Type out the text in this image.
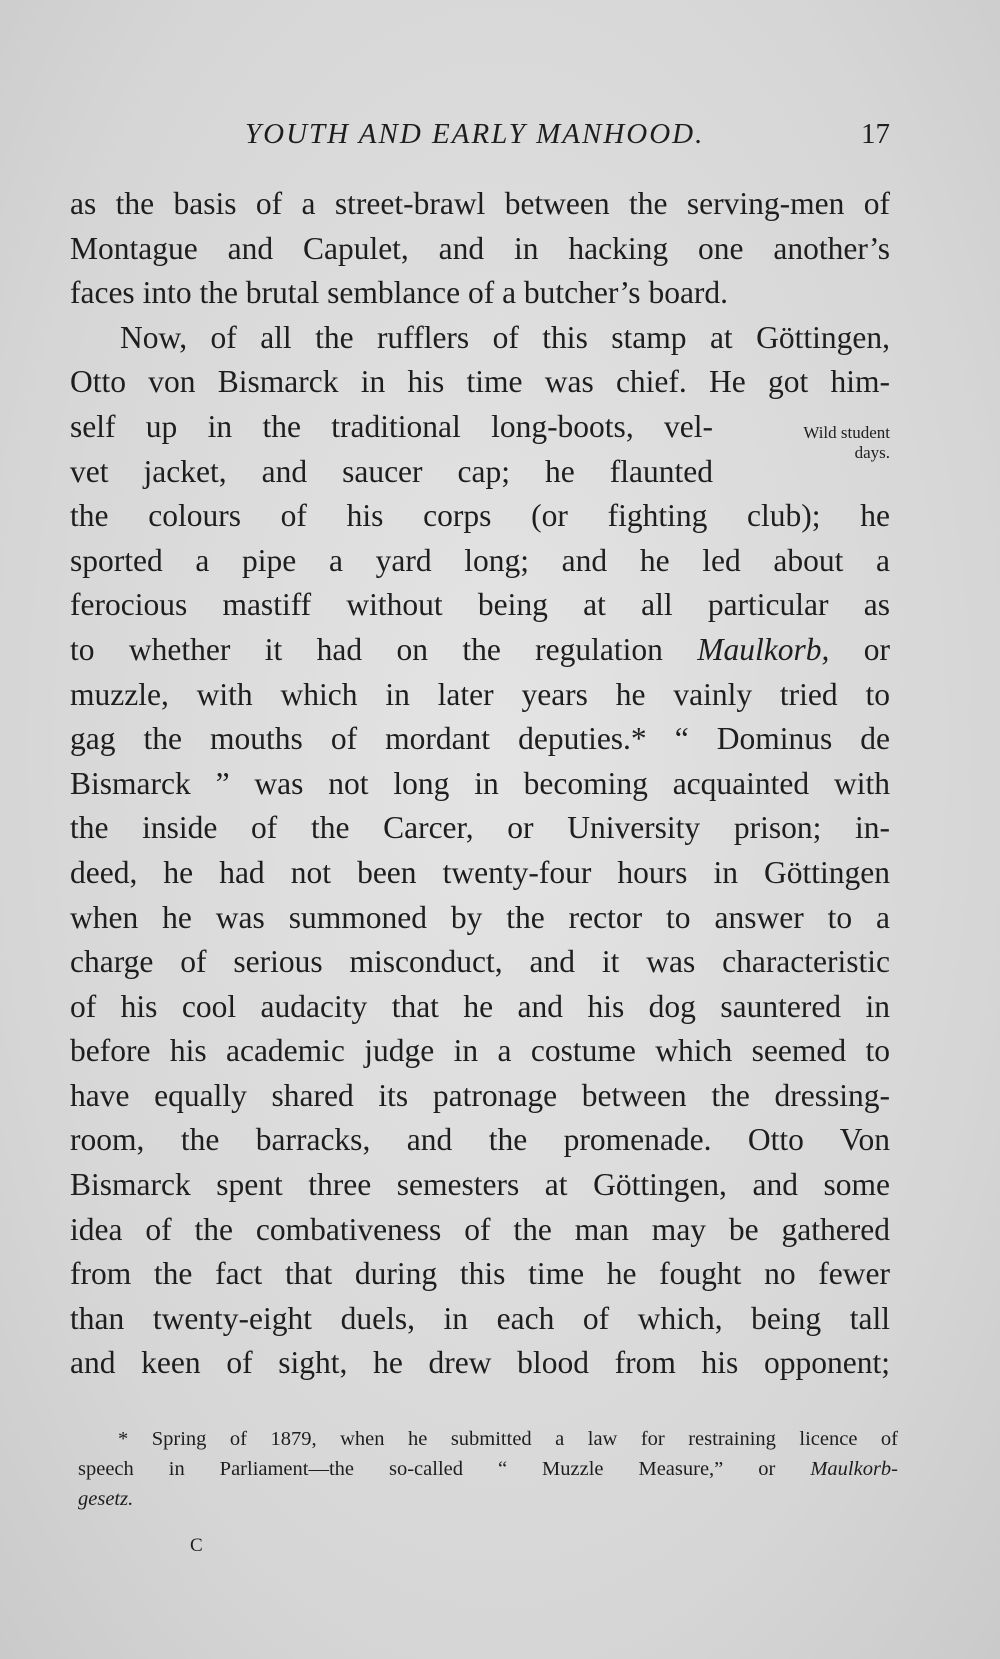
YOUTH AND EARLY MANHOOD.	17
as the basis of a street-brawl between the serving-men of
Montague and Capulet, and in hacking one another’s
faces into the brutal semblance of a butcher’s board.
Now, of all the rufflers of this stamp at Göttingen,
Otto von Bismarck in his time was chief. He got him-
self up in the traditional long-boots, vel-
vet jacket, and saucer cap; he flaunted
the colours of his corps (or fighting club); he
sported a pipe a yard long; and he led about a
ferocious mastiff without being at all particular as
to whether it had on the regulation Maulkorb, or
muzzle, with which in later years he vainly tried to
gag the mouths of mordant deputies.* “ Dominus de
Bismarck ” was not long in becoming acquainted with
the inside of the Carcer, or University prison; in-
deed, he had not been twenty-four hours in Göttingen
when he was summoned by the rector to answer to a
charge of serious misconduct, and it was characteristic
of his cool audacity that he and his dog sauntered in
before his academic judge in a costume which seemed to
have equally shared its patronage between the dressing-
room, the barracks, and the promenade. Otto Von
Bismarck spent three semesters at Göttingen, and some
idea of the combativeness of the man may be gathered
from the fact that during this time he fought no fewer
than twenty-eight duels, in each of which, being tall
and keen of sight, he drew blood from his opponent;
Wild student
days.
* Spring of 1879, when he submitted a law for restraining licence of
speech in Parliament—the so-called “ Muzzle Measure,” or Maulkorb-
gesetz.
C
